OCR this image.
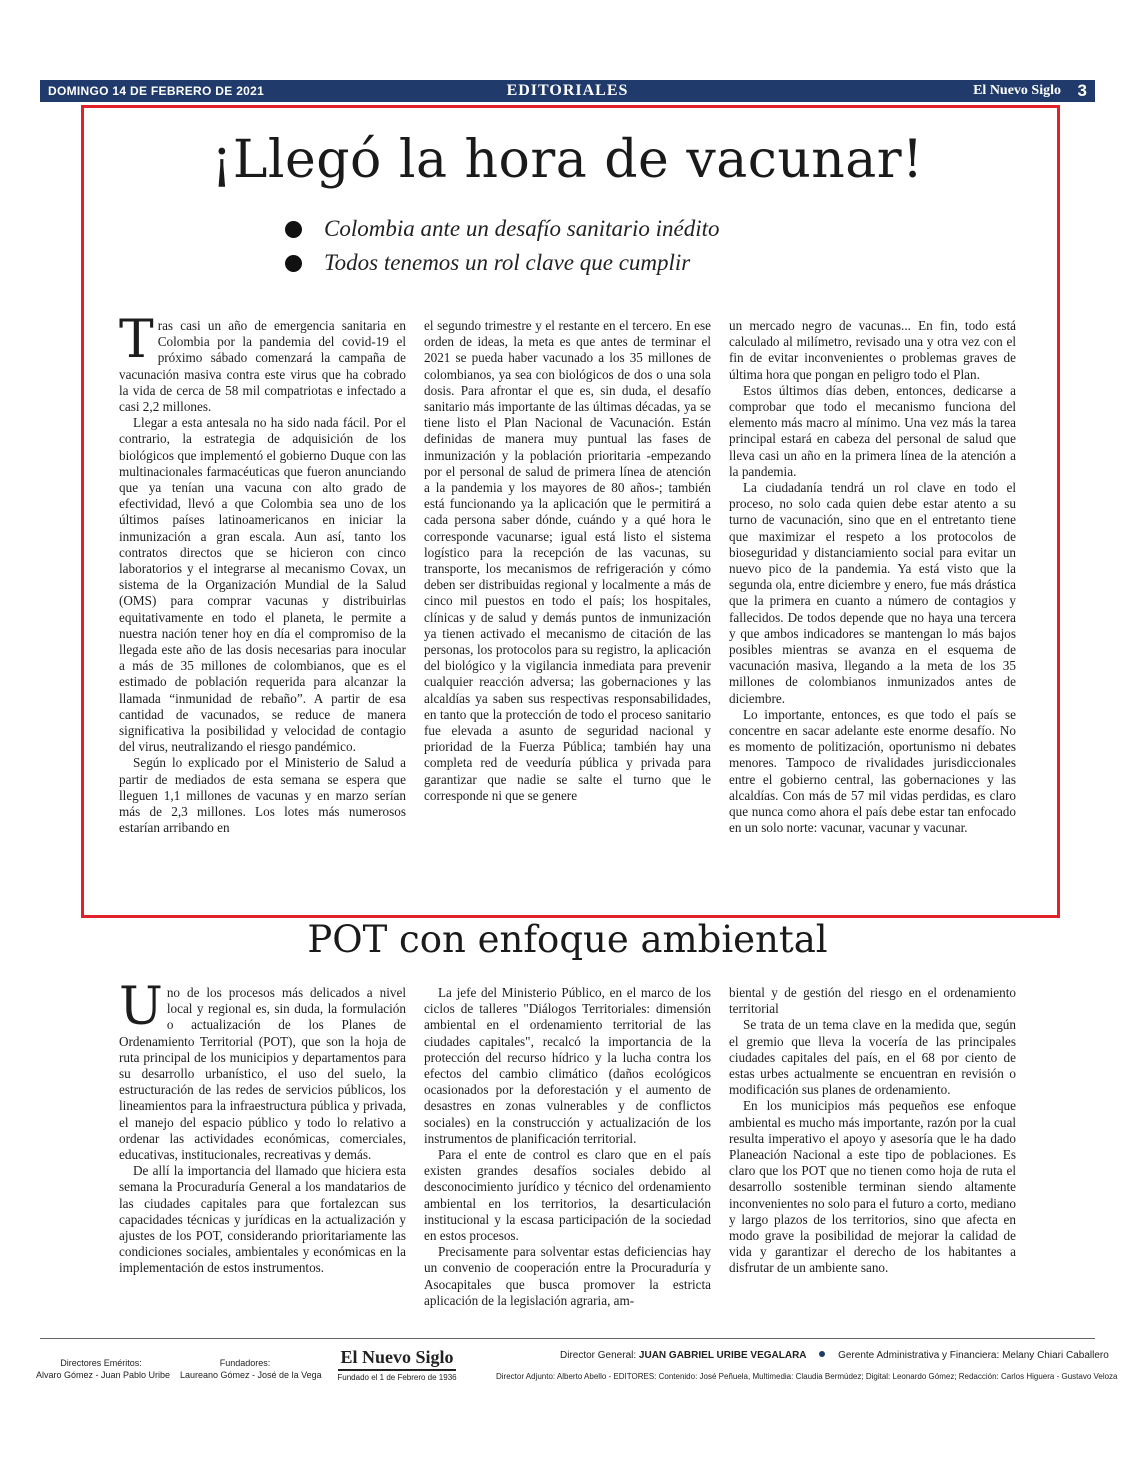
DOMINGO 14 DE FEBRERO DE 2021	EDITORIALES	El Nuevo Siglo 3
¡Llegó la hora de vacunar!
Colombia ante un desafío sanitario inédito
Todos tenemos un rol clave que cumplir

Tras casi un año de emergencia sanitaria en Colombia por la pandemia del covid-19 el próximo sábado comenzará la campaña de vacunación masiva contra este virus que ha cobrado la vida de cerca de 58 mil compatriotas e infectado a casi 2,2 millones.

Llegar a esta antesala no ha sido nada fácil. Por el contrario, la estrategia de adquisición de los biológicos que implementó el gobierno Duque con las multinacionales farmacéuticas que fueron anunciando que ya tenían una vacuna con alto grado de efectividad, llevó a que Colombia sea uno de los últimos países latinoamericanos en iniciar la inmunización a gran escala. Aun así, tanto los contratos directos que se hicieron con cinco laboratorios y el integrarse al mecanismo Covax, un sistema de la Organización Mundial de la Salud (OMS) para comprar vacunas y distribuirlas equitativamente en todo el planeta, le permite a nuestra nación tener hoy en día el compromiso de la llegada este año de las dosis necesarias para inocular a más de 35 millones de colombianos, que es el estimado de población requerida para alcanzar la llamada “inmunidad de rebaño”. A partir de esa cantidad de vacunados, se reduce de manera significativa la posibilidad y velocidad de contagio del virus, neutralizando el riesgo pandémico.

Según lo explicado por el Ministerio de Salud a partir de mediados de esta semana se espera que lleguen 1,1 millones de vacunas y en marzo serían más de 2,3 millones. Los lotes más numerosos estarían arribando en

el segundo trimestre y el restante en el tercero. En ese orden de ideas, la meta es que antes de terminar el 2021 se pueda haber vacunado a los 35 millones de colombianos, ya sea con biológicos de dos o una sola dosis. Para afrontar el que es, sin duda, el desafío sanitario más importante de las últimas décadas, ya se tiene listo el Plan Nacional de Vacunación. Están definidas de manera muy puntual las fases de inmunización y la población prioritaria -empezando por el personal de salud de primera línea de atención a la pandemia y los mayores de 80 años-; también está funcionando ya la aplicación que le permitirá a cada persona saber dónde, cuándo y a qué hora le corresponde vacunarse; igual está listo el sistema logístico para la recepción de las vacunas, su transporte, los mecanismos de refrigeración y cómo deben ser distribuidas regional y localmente a más de cinco mil puestos en todo el país; los hospitales, clínicas y de salud y demás puntos de inmunización ya tienen activado el mecanismo de citación de las personas, los protocolos para su registro, la aplicación del biológico y la vigilancia inmediata para prevenir cualquier reacción adversa; las gobernaciones y las alcaldías ya saben sus respectivas responsabilidades, en tanto que la protección de todo el proceso sanitario fue elevada a asunto de seguridad nacional y prioridad de la Fuerza Pública; también hay una completa red de veeduría pública y privada para garantizar que nadie se salte el turno que le corresponde ni que se genere

un mercado negro de vacunas... En fin, todo está calculado al milímetro, revisado una y otra vez con el fin de evitar inconvenientes o problemas graves de última hora que pongan en peligro todo el Plan.

Estos últimos días deben, entonces, dedicarse a comprobar que todo el mecanismo funciona del elemento más macro al mínimo. Una vez más la tarea principal estará en cabeza del personal de salud que lleva casi un año en la primera línea de la atención a la pandemia.

La ciudadanía tendrá un rol clave en todo el proceso, no solo cada quien debe estar atento a su turno de vacunación, sino que en el entretanto tiene que maximizar el respeto a los protocolos de bioseguridad y distanciamiento social para evitar un nuevo pico de la pandemia. Ya está visto que la segunda ola, entre diciembre y enero, fue más drástica que la primera en cuanto a número de contagios y fallecidos. De todos depende que no haya una tercera y que ambos indicadores se mantengan lo más bajos posibles mientras se avanza en el esquema de vacunación masiva, llegando a la meta de los 35 millones de colombianos inmunizados antes de diciembre.

Lo importante, entonces, es que todo el país se concentre en sacar adelante este enorme desafío. No es momento de politización, oportunismo ni debates menores. Tampoco de rivalidades jurisdiccionales entre el gobierno central, las gobernaciones y las alcaldías. Con más de 57 mil vidas perdidas, es claro que nunca como ahora el país debe estar tan enfocado en un solo norte: vacunar, vacunar y vacunar.

POT con enfoque ambiental

Uno de los procesos más delicados a nivel local y regional es, sin duda, la formulación o actualización de los Planes de Ordenamiento Territorial (POT), que son la hoja de ruta principal de los municipios y departamentos para su desarrollo urbanístico, el uso del suelo, la estructuración de las redes de servicios públicos, los lineamientos para la infraestructura pública y privada, el manejo del espacio público y todo lo relativo a ordenar las actividades económicas, comerciales, educativas, institucionales, recreativas y demás.

De allí la importancia del llamado que hiciera esta semana la Procuraduría General a los mandatarios de las ciudades capitales para que fortalezcan sus capacidades técnicas y jurídicas en la actualización y ajustes de los POT, considerando prioritariamente las condiciones sociales, ambientales y económicas en la implementación de estos instrumentos.

La jefe del Ministerio Público, en el marco de los ciclos de talleres "Diálogos Territoriales: dimensión ambiental en el ordenamiento territorial de las ciudades capitales", recalcó la importancia de la protección del recurso hídrico y la lucha contra los efectos del cambio climático (daños ecológicos ocasionados por la deforestación y el aumento de desastres en zonas vulnerables y de conflictos sociales) en la construcción y actualización de los instrumentos de planificación territorial.

Para el ente de control es claro que en el país existen grandes desafíos sociales debido al desconocimiento jurídico y técnico del ordenamiento ambiental en los territorios, la desarticulación institucional y la escasa participación de la sociedad en estos procesos.

Precisamente para solventar estas deficiencias hay un convenio de cooperación entre la Procuraduría y Asocapitales que busca promover la estricta aplicación de la legislación agraria, am-

biental y de gestión del riesgo en el ordenamiento territorial

Se trata de un tema clave en la medida que, según el gremio que lleva la vocería de las principales ciudades capitales del país, en el 68 por ciento de estas urbes actualmente se encuentran en revisión o modificación sus planes de ordenamiento.

En los municipios más pequeños ese enfoque ambiental es mucho más importante, razón por la cual resulta imperativo el apoyo y asesoría que le ha dado Planeación Nacional a este tipo de poblaciones. Es claro que los POT que no tienen como hoja de ruta el desarrollo sostenible terminan siendo altamente inconvenientes no solo para el futuro a corto, mediano y largo plazos de los territorios, sino que afecta en modo grave la posibilidad de mejorar la calidad de vida y garantizar el derecho de los habitantes a disfrutar de un ambiente sano.

Directores Eméritos:
Alvaro Gómez - Juan Pablo Uribe
Fundadores:
Laureano Gómez - José de la Vega
El Nuevo Siglo
Fundado el 1 de Febrero de 1936
Director General: JUAN GABRIEL URIBE VEGALARA	Gerente Administrativa y Financiera: Melany Chiari Caballero
Director Adjunto: Alberto Abello - EDITORES: Contenido: José Peñuela, Multimedia: Claudia Bermúdez; Digital: Leonardo Gómez; Redacción: Carlos Higuera - Gustavo Veloza
